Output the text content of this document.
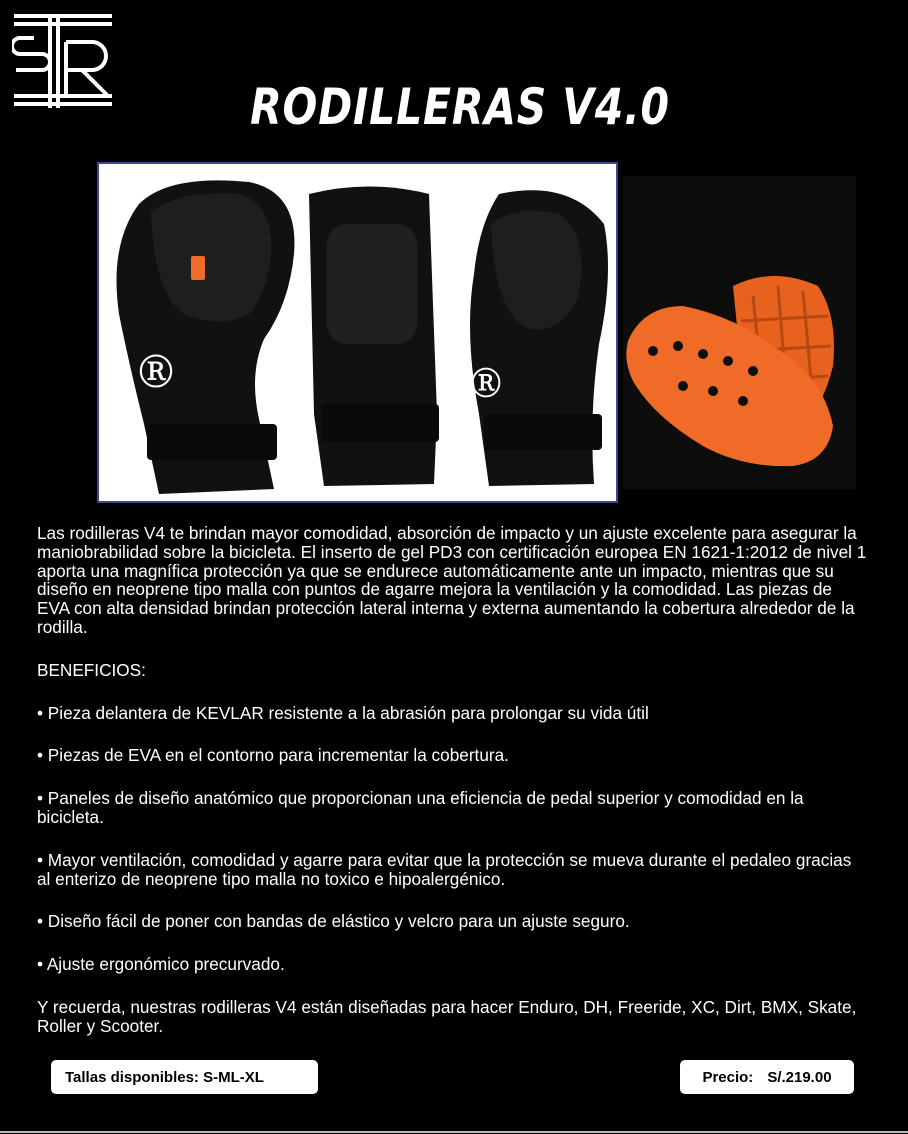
RODILLERAS V4.0
Ⓡ	Ⓡ

Las rodilleras V4 te brindan mayor comodidad, absorción de impacto y un ajuste excelente para asegurar la maniobrabilidad sobre la bicicleta. El inserto de gel PD3 con certificación europea EN 1621-1:2012 de nivel 1 aporta una magnífica protección ya que se endurece automáticamente ante un impacto, mientras que su diseño en neoprene tipo malla con puntos de agarre mejora la ventilación y la comodidad. Las piezas de EVA con alta densidad brindan protección lateral interna y externa aumentando la cobertura alrededor de la rodilla.

BENEFICIOS:

• Pieza delantera de KEVLAR resistente a la abrasión para prolongar su vida útil

• Piezas de EVA en el contorno para incrementar la cobertura.

• Paneles de diseño anatómico que proporcionan una eficiencia de pedal superior y comodidad en la bicicleta.

• Mayor ventilación, comodidad y agarre para evitar que la protección se mueva durante el pedaleo gracias al enterizo de neoprene tipo malla no toxico e hipoalergénico.

• Diseño fácil de poner con bandas de elástico y velcro para un ajuste seguro.

• Ajuste ergonómico precurvado.

Y recuerda, nuestras rodilleras V4 están diseñadas para hacer Enduro, DH, Freeride, XC, Dirt, BMX, Skate, Roller y Scooter.

Tallas disponibles: S-ML-XL	Precio: S/.219.00
